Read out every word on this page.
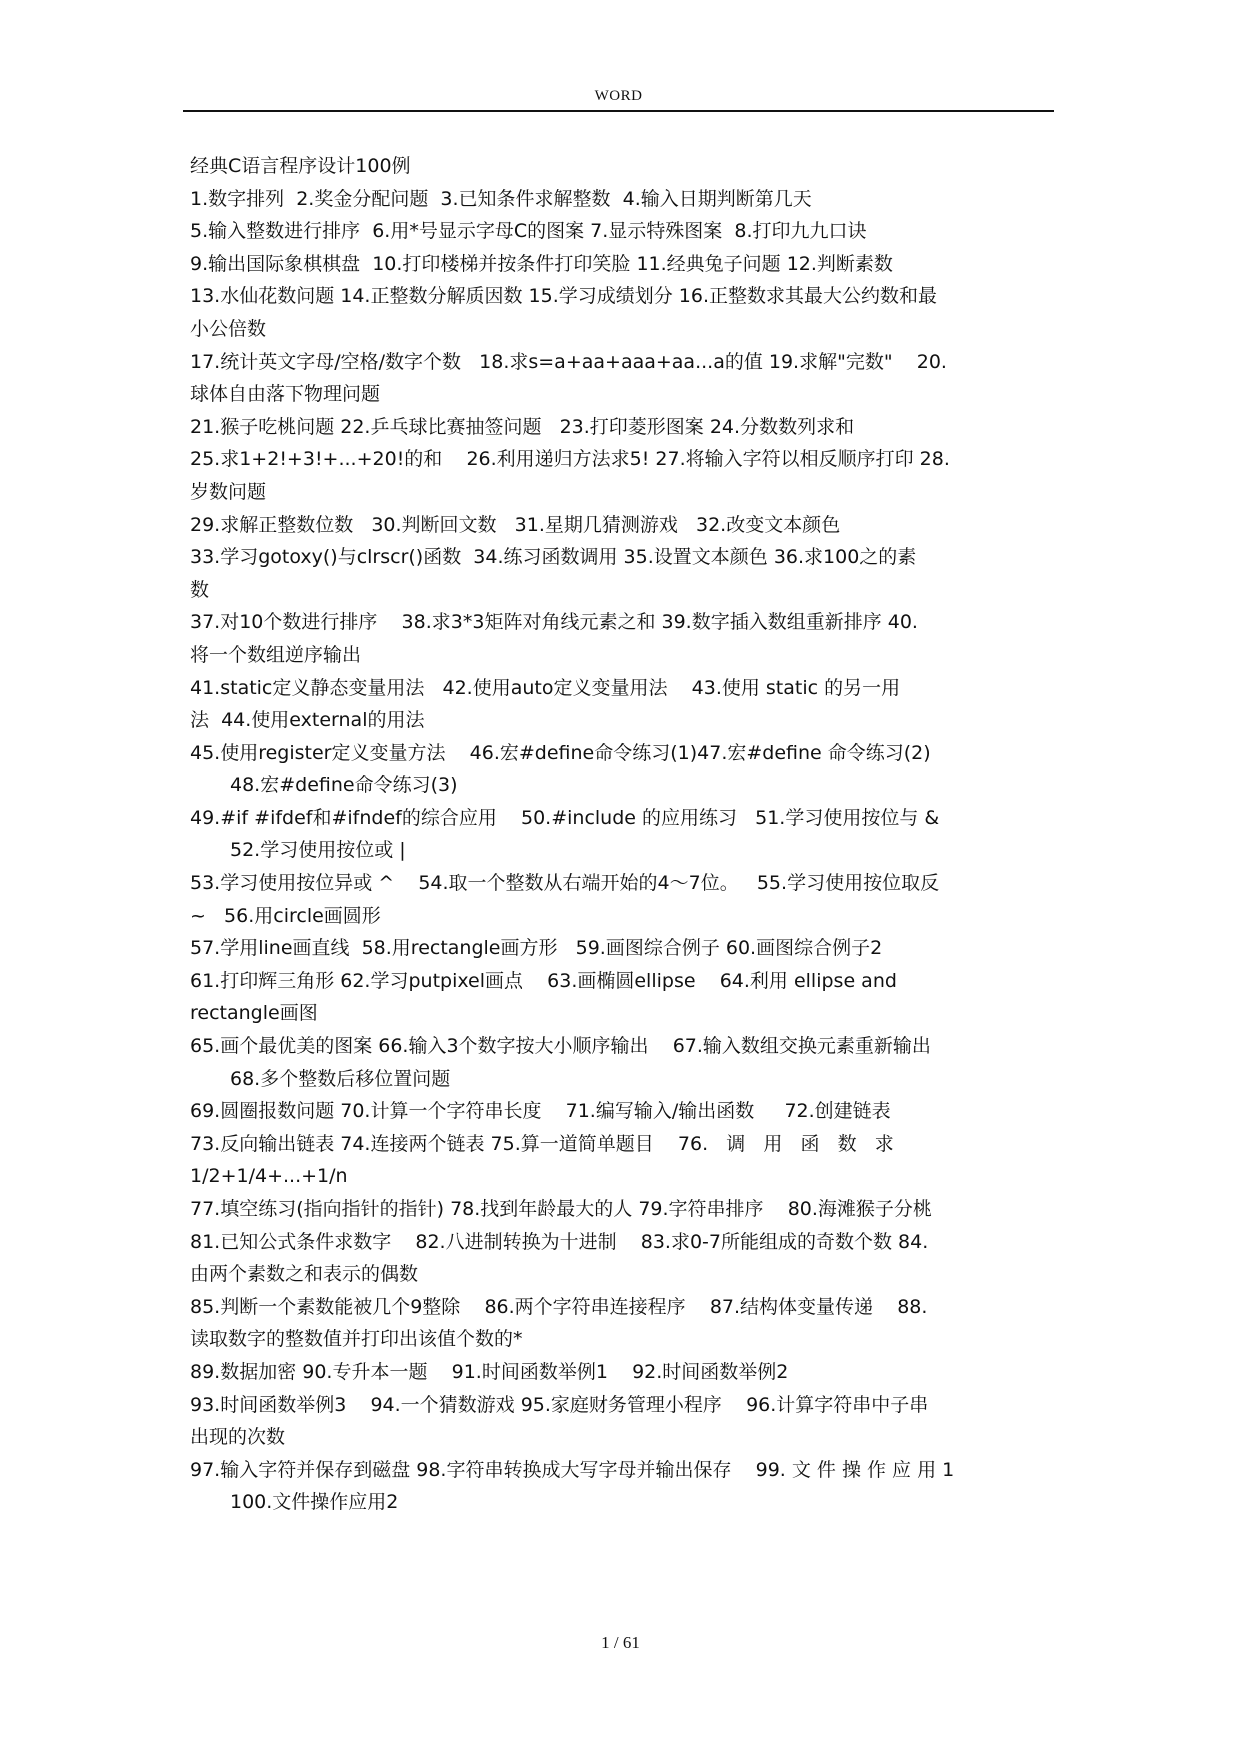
WORD
经典C语言程序设计100例

1.数字排列  2.奖金分配问题  3.已知条件求解整数  4.输入日期判断第几天

5.输入整数进行排序  6.用*号显示字母C的图案 7.显示特殊图案  8.打印九九口诀

9.输出国际象棋棋盘  10.打印楼梯并按条件打印笑脸 11.经典兔子问题 12.判断素数

13.水仙花数问题 14.正整数分解质因数 15.学习成绩划分 16.正整数求其最大公约数和最

小公倍数

17.统计英文字母/空格/数字个数   18.求s=a+aa+aaa+aa...a的值 19.求解"完数"    20.

球体自由落下物理问题

21.猴子吃桃问题 22.乒乓球比赛抽签问题   23.打印菱形图案 24.分数数列求和

25.求1+2!+3!+...+20!的和    26.利用递归方法求5! 27.将输入字符以相反顺序打印 28.

岁数问题

29.求解正整数位数   30.判断回文数   31.星期几猜测游戏   32.改变文本颜色

33.学习gotoxy()与clrscr()函数  34.练习函数调用 35.设置文本颜色 36.求100之的素

数

37.对10个数进行排序    38.求3*3矩阵对角线元素之和 39.数字插入数组重新排序 40.

将一个数组逆序输出

41.static定义静态变量用法   42.使用auto定义变量用法    43.使用 static 的另一用

法  44.使用external的用法

45.使用register定义变量方法    46.宏#define命令练习(1)47.宏#define 命令练习(2)

48.宏#define命令练习(3)

49.#if #ifdef和#ifndef的综合应用    50.#include 的应用练习   51.学习使用按位与 &

52.学习使用按位或 |

53.学习使用按位异或 ^    54.取一个整数从右端开始的4～7位。   55.学习使用按位取反

~   56.用circle画圆形

57.学用line画直线  58.用rectangle画方形   59.画图综合例子 60.画图综合例子2

61.打印辉三角形 62.学习putpixel画点    63.画椭圆ellipse    64.利用 ellipse and

rectangle画图

65.画个最优美的图案 66.输入3个数字按大小顺序输出    67.输入数组交换元素重新输出

68.多个整数后移位置问题

69.圆圈报数问题 70.计算一个字符串长度    71.编写输入/输出函数     72.创建链表

73.反向输出链表 74.连接两个链表 75.算一道简单题目    76.   调   用   函   数   求

1/2+1/4+...+1/n

77.填空练习(指向指针的指针) 78.找到年龄最大的人 79.字符串排序    80.海滩猴子分桃

81.已知公式条件求数字    82.八进制转换为十进制    83.求0-7所能组成的奇数个数 84.

由两个素数之和表示的偶数

85.判断一个素数能被几个9整除    86.两个字符串连接程序    87.结构体变量传递    88.

读取数字的整数值并打印出该值个数的*

89.数据加密 90.专升本一题    91.时间函数举例1    92.时间函数举例2

93.时间函数举例3    94.一个猜数游戏 95.家庭财务管理小程序    96.计算字符串中子串

出现的次数

97.输入字符并保存到磁盘 98.字符串转换成大写字母并输出保存    99. 文 件 操 作 应 用 1

100.文件操作应用2

1 / 61
